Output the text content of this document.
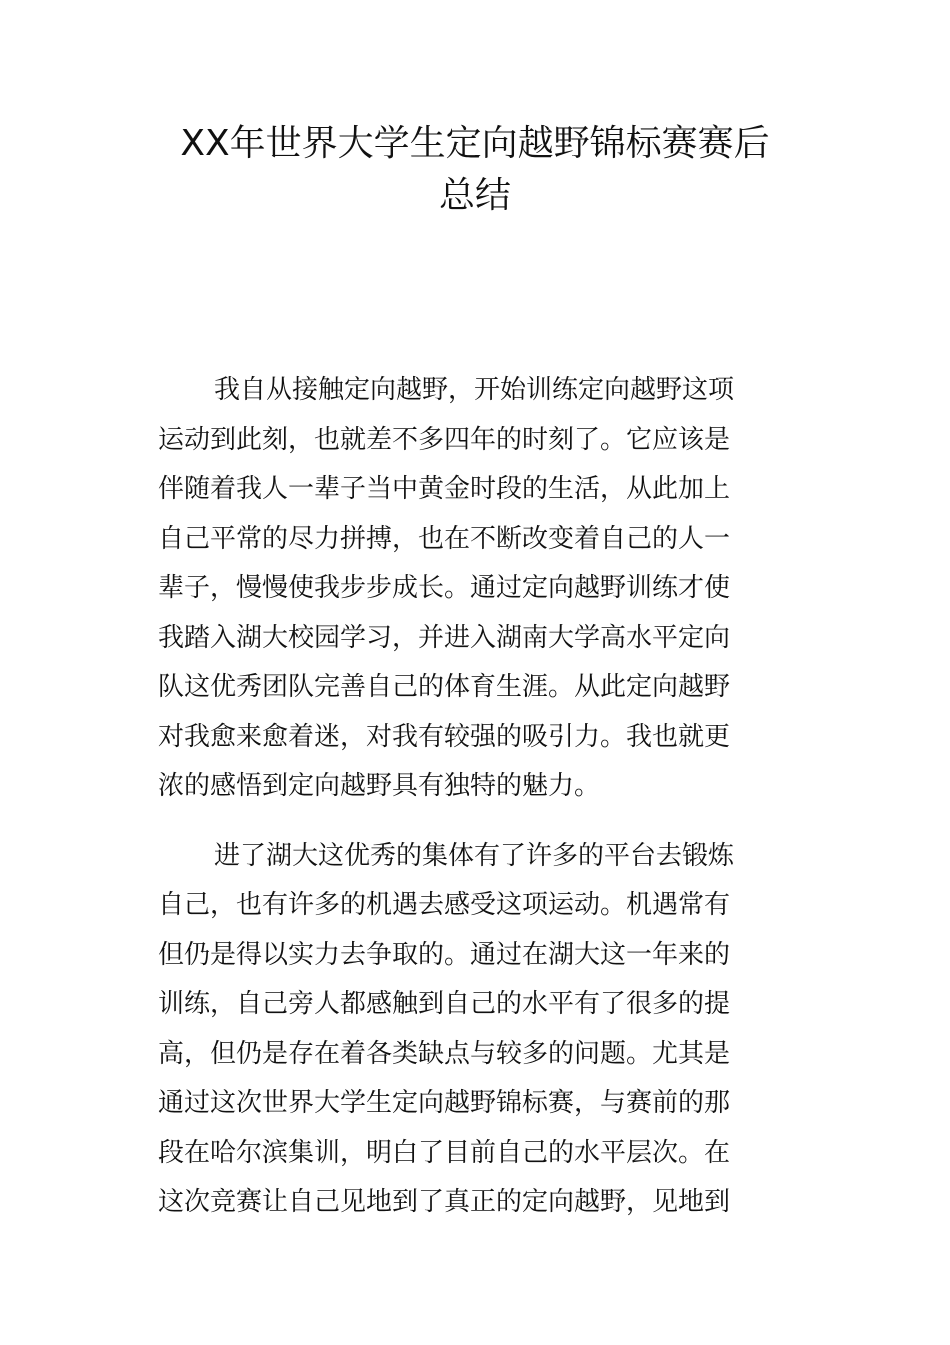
XX年世界大学生定向越野锦标赛赛后
总结

我自从接触定向越野，开始训练定向越野这项
运动到此刻，也就差不多四年的时刻了。它应该是
伴随着我人一辈子当中黄金时段的生活，从此加上
自己平常的尽力拼搏，也在不断改变着自己的人一
辈子，慢慢使我步步成长。通过定向越野训练才使
我踏入湖大校园学习，并进入湖南大学高水平定向
队这优秀团队完善自己的体育生涯。从此定向越野
对我愈来愈着迷，对我有较强的吸引力。我也就更
浓的感悟到定向越野具有独特的魅力。

进了湖大这优秀的集体有了许多的平台去锻炼
自己，也有许多的机遇去感受这项运动。机遇常有
但仍是得以实力去争取的。通过在湖大这一年来的
训练，自己旁人都感触到自己的水平有了很多的提
高，但仍是存在着各类缺点与较多的问题。尤其是
通过这次世界大学生定向越野锦标赛，与赛前的那
段在哈尔滨集训，明白了目前自己的水平层次。在
这次竞赛让自己见地到了真正的定向越野，见地到
